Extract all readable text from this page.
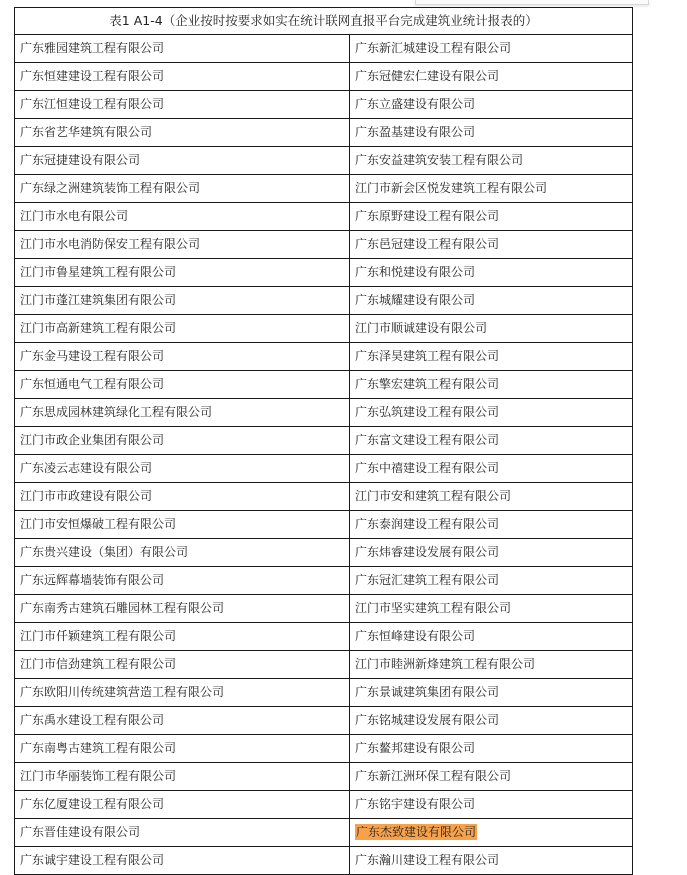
表1 A1-4（企业按时按要求如实在统计联网直报平台完成建筑业统计报表的）	
广东雅园建筑工程有限公司	广东新汇城建设工程有限公司
广东恒建建设工程有限公司	广东冠健宏仁建设有限公司
广东江恒建设工程有限公司	广东立盛建设有限公司
广东省艺华建筑有限公司	广东盈基建设有限公司
广东冠捷建设有限公司	广东安益建筑安装工程有限公司
广东绿之洲建筑装饰工程有限公司	江门市新会区悦发建筑工程有限公司
江门市水电有限公司	广东原野建设工程有限公司
江门市水电消防保安工程有限公司	广东邑冠建设工程有限公司
江门市鲁星建筑工程有限公司	广东和悦建设有限公司
江门市蓬江建筑集团有限公司	广东城耀建设有限公司
江门市高新建筑工程有限公司	江门市顺诚建设有限公司
广东金马建设工程有限公司	广东泽昊建筑工程有限公司
广东恒通电气工程有限公司	广东擎宏建筑工程有限公司
广东思成园林建筑绿化工程有限公司	广东弘筑建设工程有限公司
江门市政企业集团有限公司	广东富文建设工程有限公司
广东凌云志建设有限公司	广东中禧建设工程有限公司
江门市市政建设有限公司	江门市安和建筑工程有限公司
江门市安恒爆破工程有限公司	广东泰润建设工程有限公司
广东贵兴建设（集团）有限公司	广东炜睿建设发展有限公司
广东远辉幕墙装饰有限公司	广东冠汇建筑工程有限公司
广东南秀古建筑石雕园林工程有限公司	江门市坚实建筑工程有限公司
江门市仟颖建筑工程有限公司	广东恒峰建设有限公司
江门市信劲建筑工程有限公司	江门市睦洲新烽建筑工程有限公司
广东欧阳川传统建筑营造工程有限公司	广东景诚建筑集团有限公司
广东禹水建设工程有限公司	广东铭城建设发展有限公司
广东南粤古建筑工程有限公司	广东鳌邦建设有限公司
江门市华丽装饰工程有限公司	广东新江洲环保工程有限公司
广东亿厦建设工程有限公司	广东铭宇建设有限公司
广东晋佳建设有限公司	广东杰致建设有限公司
广东诚宇建设工程有限公司	广东瀚川建设工程有限公司
